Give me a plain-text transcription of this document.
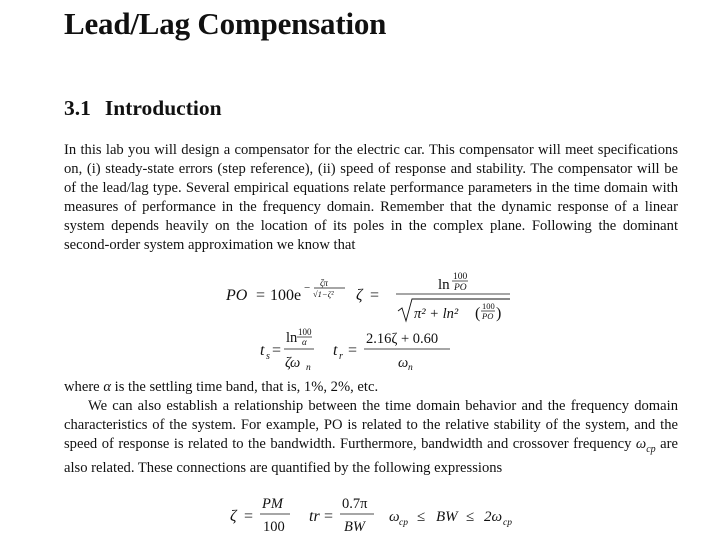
Lead/Lag Compensation
3.1 Introduction

In this lab you will design a compensator for the electric car. This compensator will meet specifications on, (i) steady-state errors (step reference), (ii) speed of response and stability. The compensator will be of the lead/lag type. Several empirical equations relate performance parameters in the time domain with measures of performance in the frequency domain. Remember that the dynamic response of a linear system depends heavily on the location of its poles in the complex plane. Following the dominant second-order system approximation we know that

PO = 100e − ζπ
√1−ζ² ζ =
ln 100
PO
π² + ln² ( 100
PO )
t s =
ln 100
α
ζω n
t r =
2.16ζ + 0.60
ω n

where α is the settling time band, that is, 1%, 2%, etc.

We can also establish a relationship between the time domain behavior and the frequency domain characteristics of the system. For example, PO is related to the relative stability of the system, and the speed of response is related to the bandwidth. Furthermore, bandwidth and crossover frequency $\omega_{cp}$ are also related. These connections are quantified by the following expressions

ζ =
PM
100
tr =
0.7π
BW
ω cp ≤ BW ≤ 2ω cp
